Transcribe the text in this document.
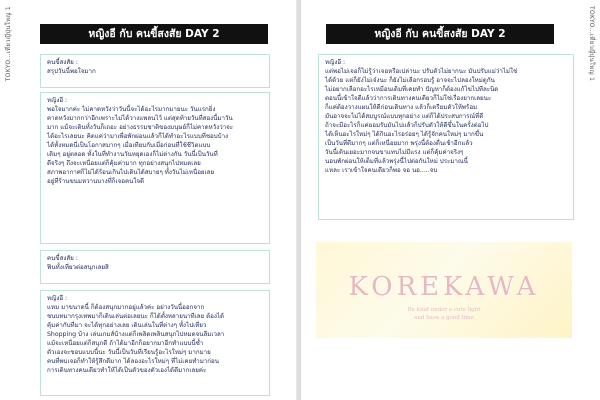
TOKYO...เที่ยวญี่ปุ่นใหญ่ 1	หญิงอี กับ คนขี้สงสัย DAY 2
คนขี้สงสัย :
สรุปวันนี้พอใจมาก
หญิงอี :
พอใจมากค่ะ ไม่คาดหวังว่าวันนี้จะได้อะไรมากมายนะ วันแรกยิ่ง
คาดหวังมากกว่าอีกเพราะไม่ได้วางแพลนไว้ แต่สุดท้ายวันที่สองนี้มาวัน
มาก แม้จะเดินทั้งวันก็เถอะ อย่างธรรมชาติของมนุษย์ก็ไม่คาดหวังว่าจะ
ได้อะไรเลยนะ คิดแค่ว่ามาเพื่อพักผ่อนแล้วก็ได้ทำอะไรแบบที่ชอบบ้าง
ได้ทั้งหมดนี่เป็นโอกาสมากๆ เมื่อเทียบกับเมื่อก่อนที่ใช้ชีวิตแบบ
เดิมๆ อยู่ตลอด ทั้งในที่ทำงานวันหยุดเองก็ไม่ต่างกัน วันนี้เป็นวันที่
ดีจริงๆ ถึงจะเหนื่อยแต่ก็คุ้มค่ามาก ทุกอย่างสนุกไปหมดเลย
สภาพอากาศก็ไม่ได้ร้อนเกินไปเดินได้สบายๆ ทั้งวันไม่เหนื่อยเลย
อยู่ที่ร้านขนมหวานบางที่ก็เจอคนใจดี
คนขี้สงสัย :
ฟินทั้งเที่ยวต่อสนุกเลยสิ
หญิงอี :
แหม มาขนาดนี้ ก็ต้องสนุกมากอยู่แล้วค่ะ อย่างวันนี้ออกจาก
ชนบทมากรุงเทพมาก็เดินเล่นต่อเลยนะ ก็ได้ตั้งหลายนาทีเลย ต้องได้
คุ้มค่ากับที่มา จะได้ทุกอย่างเลย เดินเล่นในที่ต่างๆ ทั้งไปเที่ยว
Shopping บ้าง เล่นเกมส์บ้างแต่ก็เพลิดเพลินสนุกไปหมดจนลืมเวลา
แม้จะเหนื่อยแต่ก็สนุกดี ถ้าได้มาอีกก็อยากมาอีกทำแบบนี้ซ้ำ
ตัวเองจะชอบแบบนี้นะ วันนี้เป็นวันที่เรียนรู้อะไรใหม่ๆ มากมาย
คนที่พบเจอก็ทำให้รู้สึกดีมาก ได้ลองอะไรใหม่ๆ ที่ไม่เคยทำมาก่อน
การเดินทางคนเดียวทำให้ได้เป็นตัวของตัวเองได้ดีมากเลยค่ะ
TOKYO...เที่ยวญี่ปุ่นใหญ่ 1
หญิงอี กับ คนขี้สงสัย DAY 2
หญิงอี :
แต่พอไม่เจอก็ไม่รู้ว่าเจอหรือเปล่านะ ปรับตัวไม่ยากนะ มันปรับแม่ว่าไม่ใช่
ได้ด้วย แต่ก็ยังไม่เจ๋งนะ ก็ยังไม่เลือกรอบรู้ อาจจะไปลองใหม่ดูกัน
ไม่อยากเลือกอะไรเหมือนเดิมที่เคยทำ ปัญหาก็ต้องแก้ไขไปทีละนิด
ตอนนี้เข้าใจดีแล้วว่าการเดินทางคนเดียวก็ไม่ใช่เรื่องยากเลยนะ
ก็แค่ต้องวางแผนให้ดีก่อนเดินทาง แล้วก็เตรียมตัวให้พร้อม
มันอาจจะไม่ได้สมบูรณ์แบบทุกอย่าง แต่ก็ได้ประสบการณ์ที่ดี
ถ้าจะมีอะไรก็แค่ยอมรับมันไปแล้วก็ปรับตัวให้ดีขึ้นในครั้งต่อไป
ได้เห็นอะไรใหม่ๆ ได้กินอะไรอร่อยๆ ได้รู้จักคนใหม่ๆ มากขึ้น
เป็นวันที่ดีมากๆ แต่ก็เหนื่อยมาก พรุ่งนี้ต้องตื่นเช้าอีกแล้ว
วันนี้เดินเยอะมากจนขาแทบไม่มีแรง แต่ก็คุ้มค่าจริงๆ
นอนพักผ่อนให้เต็มที่แล้วพรุ่งนี้ไปต่อกันใหม่ ประมาณนี้
แหละ เราเข้าใจคนเดียวก็พอ จอ นอ.....จบ
KOREKAWA
Be kind under a cute light
and have a good time
